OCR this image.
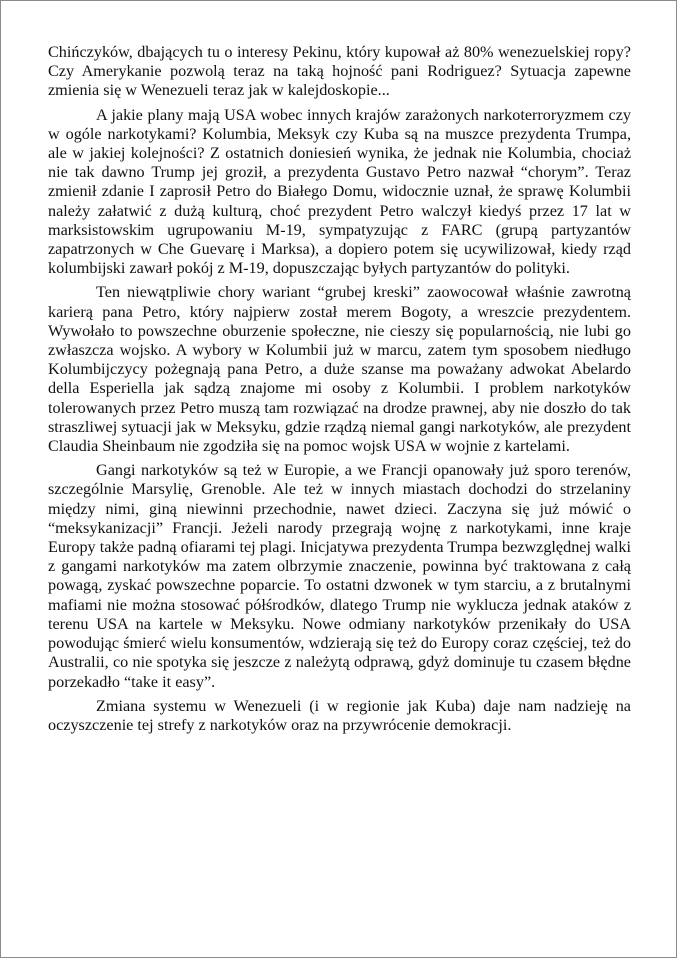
Chińczyków, dbających tu o interesy Pekinu, który kupował aż 80% wenezuelskiej ropy? Czy Amerykanie pozwolą teraz na taką hojność pani Rodriguez? Sytuacja zapewne zmienia się w Wenezueli teraz jak w kalejdoskopie...

A jakie plany mają USA wobec innych krajów zarażonych narkoterroryzmem czy w ogóle narkotykami? Kolumbia, Meksyk czy Kuba są na muszce prezydenta Trumpa, ale w jakiej kolejności? Z ostatnich doniesień wynika, że jednak nie Kolumbia, chociaż nie tak dawno Trump jej groził, a prezydenta Gustavo Petro nazwał “chorym”. Teraz zmienił zdanie I zaprosił Petro do Białego Domu, widocznie uznał, że sprawę Kolumbii należy załatwić z dużą kulturą, choć prezydent Petro walczył kiedyś przez 17 lat w marksistowskim ugrupowaniu M-19, sympatyzując z FARC (grupą partyzantów zapatrzonych w Che Guevarę i Marksa), a dopiero potem się ucywilizował, kiedy rząd kolumbijski zawarł pokój z M-19, dopuszczając byłych partyzantów do polityki.

Ten niewątpliwie chory wariant “grubej kreski” zaowocował właśnie zawrotną karierą pana Petro, który najpierw został merem Bogoty, a wreszcie prezydentem. Wywołało to powszechne oburzenie społeczne, nie cieszy się popularnością, nie lubi go zwłaszcza wojsko. A wybory w Kolumbii już w marcu, zatem tym sposobem niedługo Kolumbijczycy pożegnają pana Petro, a duże szanse ma poważany adwokat Abelardo della Esperiella jak sądzą znajome mi osoby z Kolumbii. I problem narkotyków tolerowanych przez Petro muszą tam rozwiązać na drodze prawnej, aby nie doszło do tak straszliwej sytuacji jak w Meksyku, gdzie rządzą niemal gangi narkotyków, ale prezydent Claudia Sheinbaum nie zgodziła się na pomoc wojsk USA w wojnie z kartelami.

Gangi narkotyków są też w Europie, a we Francji opanowały już sporo terenów, szczególnie Marsylię, Grenoble. Ale też w innych miastach dochodzi do strzelaniny między nimi, giną niewinni przechodnie, nawet dzieci. Zaczyna się już mówić o “meksykanizacji” Francji. Jeżeli narody przegrają wojnę z narkotykami, inne kraje Europy także padną ofiarami tej plagi. Inicjatywa prezydenta Trumpa bezwzględnej walki z gangami narkotyków ma zatem olbrzymie znaczenie, powinna być traktowana z całą powagą, zyskać powszechne poparcie. To ostatni dzwonek w tym starciu, a z brutalnymi mafiami nie można stosować półśrodków, dlatego Trump nie wyklucza jednak ataków z terenu USA na kartele w Meksyku. Nowe odmiany narkotyków przenikały do USA powodując śmierć wielu konsumentów, wdzierają się też do Europy coraz częściej, też do Australii, co nie spotyka się jeszcze z należytą odprawą, gdyż dominuje tu czasem błędne porzekadło “take it easy”.

Zmiana systemu w Wenezueli (i w regionie jak Kuba) daje nam nadzieję na oczyszczenie tej strefy z narkotyków oraz na przywrócenie demokracji.
